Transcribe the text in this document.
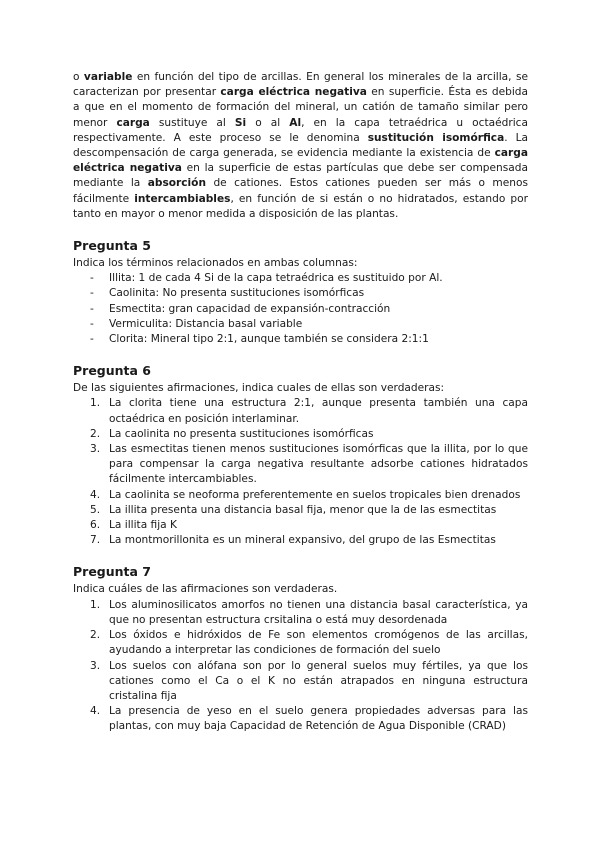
o variable en función del tipo de arcillas. En general los minerales de la arcilla, se caracterizan por presentar carga eléctrica negativa en superficie. Ésta es debida a que en el momento de formación del mineral, un catión de tamaño similar pero menor carga sustituye al Si o al Al, en la capa tetraédrica u octaédrica respectivamente. A este proceso se le denomina sustitución isomórfica. La descompensación de carga generada, se evidencia mediante la existencia de carga eléctrica negativa en la superficie de estas partículas que debe ser compensada mediante la absorción de cationes. Estos cationes pueden ser más o menos fácilmente intercambiables, en función de si están o no hidratados, estando por tanto en mayor o menor medida a disposición de las plantas.

Pregunta 5

Indica los términos relacionados en ambas columnas:

- Illita: 1 de cada 4 Si de la capa tetraédrica es sustituido por Al.
- Caolinita: No presenta sustituciones isomórficas
- Esmectita: gran capacidad de expansión-contracción
- Vermiculita: Distancia basal variable
- Clorita: Mineral tipo 2:1, aunque también se considera 2:1:1
Pregunta 6

De las siguientes afirmaciones, indica cuales de ellas son verdaderas:

1. La clorita tiene una estructura 2:1, aunque presenta también una capa octaédrica en posición interlaminar.
2. La caolinita no presenta sustituciones isomórficas
3. Las esmectitas tienen menos sustituciones isomórficas que la illita, por lo que para compensar la carga negativa resultante adsorbe cationes hidratados fácilmente intercambiables.
4. La caolinita se neoforma preferentemente en suelos tropicales bien drenados
5. La illita presenta una distancia basal fija, menor que la de las esmectitas
6. La illita fija K
7. La montmorillonita es un mineral expansivo, del grupo de las Esmectitas
Pregunta 7

Indica cuáles de las afirmaciones son verdaderas.

1. Los aluminosilicatos amorfos no tienen una distancia basal característica, ya que no presentan estructura crsitalina o está muy desordenada
2. Los óxidos e hidróxidos de Fe son elementos cromógenos de las arcillas, ayudando a interpretar las condiciones de formación del suelo
3. Los suelos con alófana son por lo general suelos muy fértiles, ya que los cationes como el Ca o el K no están atrapados en ninguna estructura cristalina fija
4. La presencia de yeso en el suelo genera propiedades adversas para las plantas, con muy baja Capacidad de Retención de Agua Disponible (CRAD)
